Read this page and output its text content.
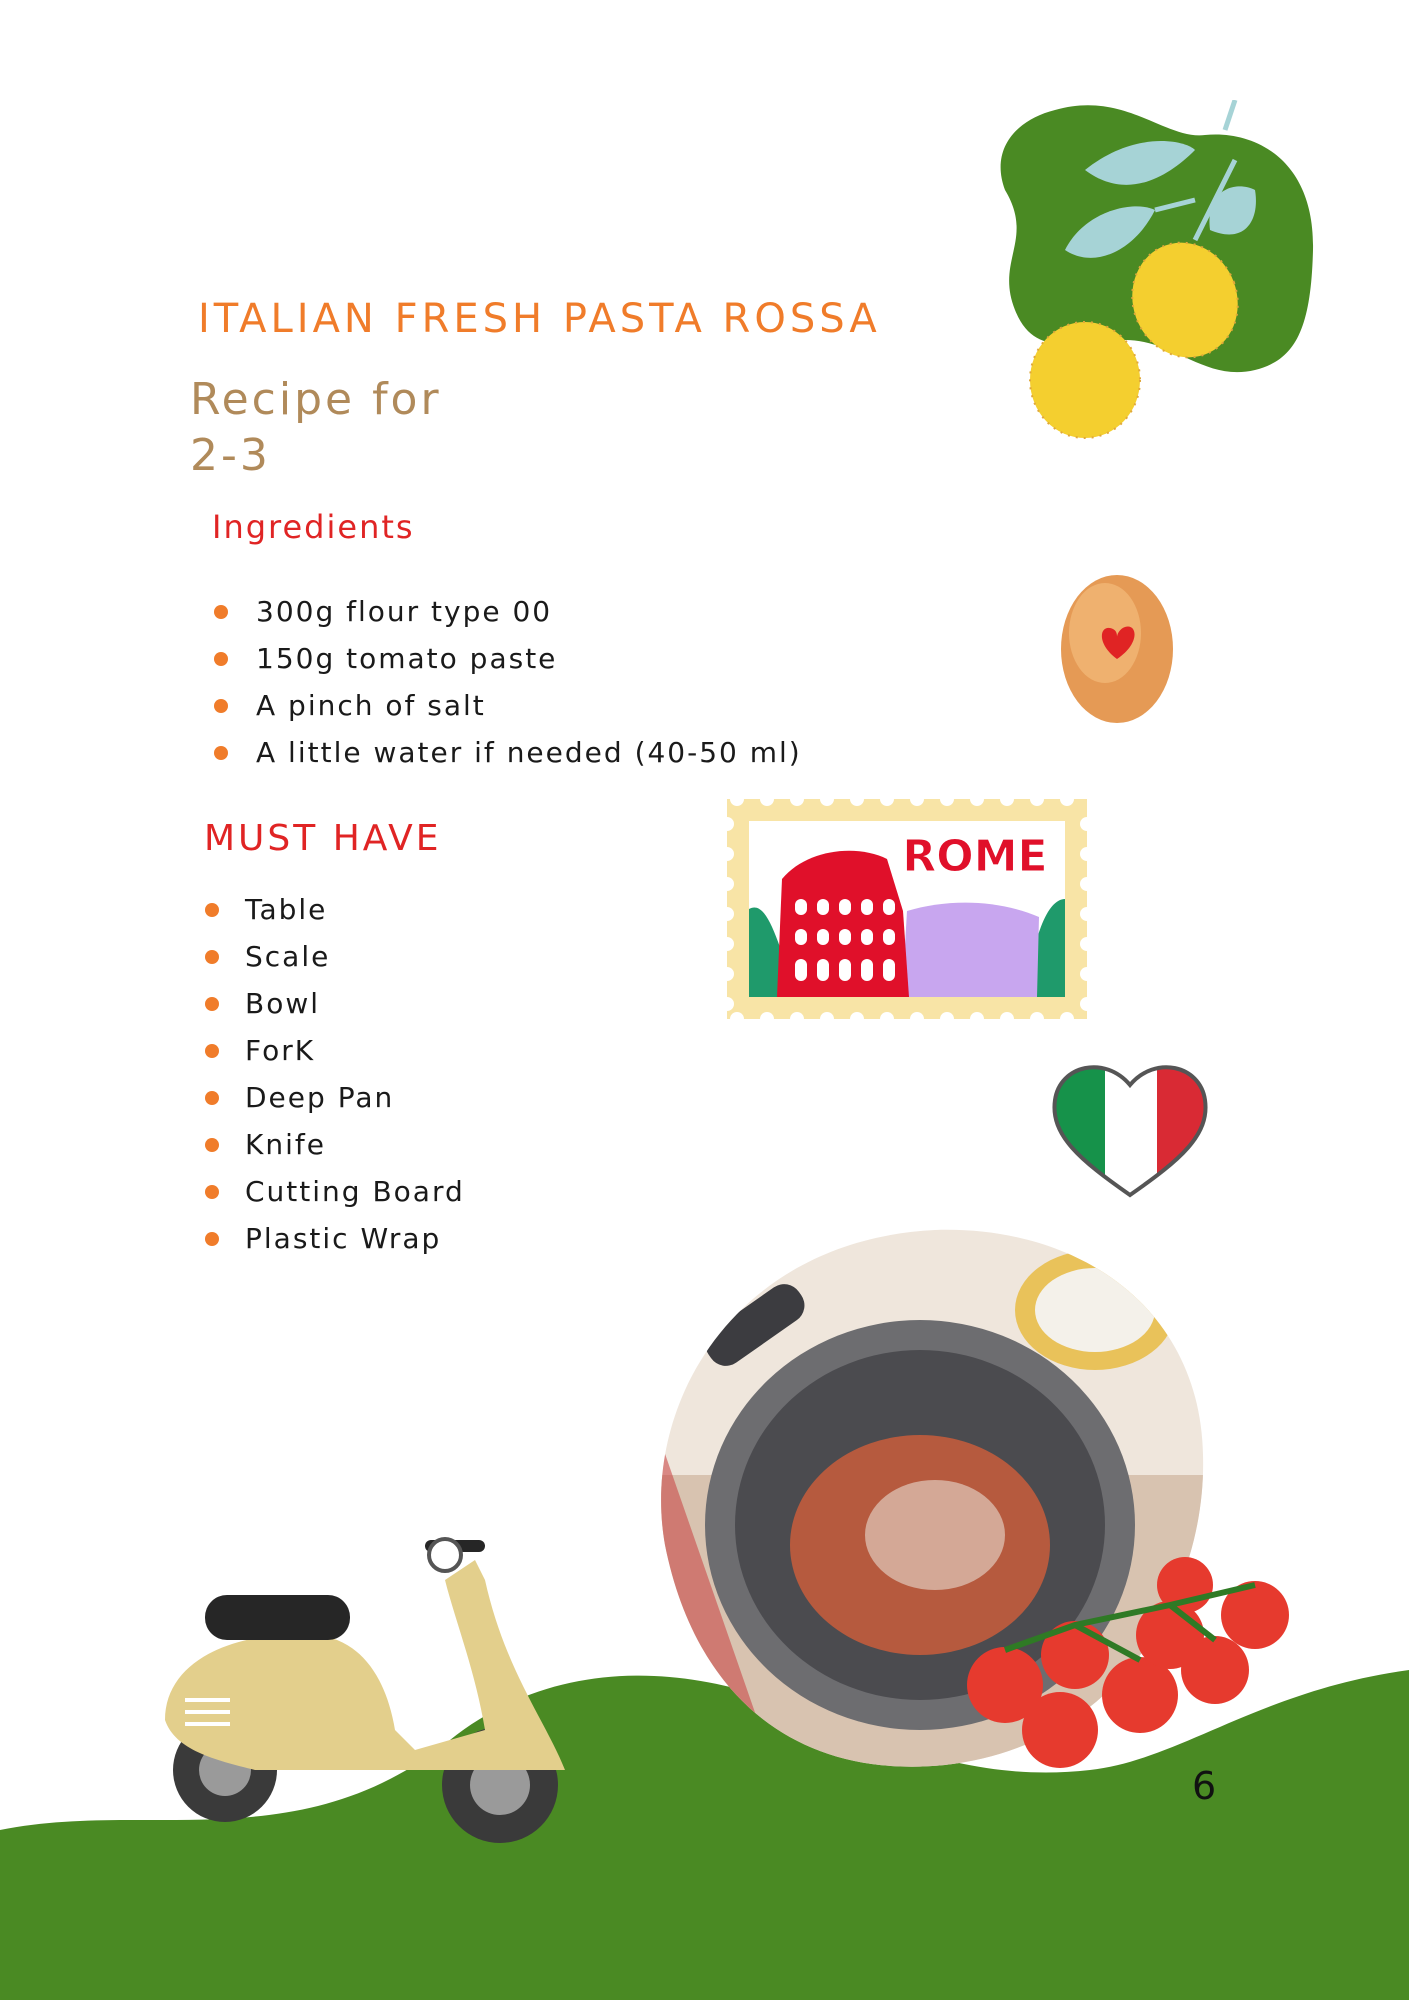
ITALIAN FRESH PASTA ROSSA
Recipe for
2-3
Ingredients
300g flour type 00
150g tomato paste
A pinch of salt
A little water if needed (40-50 ml)
MUST HAVE
Table
Scale
Bowl
ForK
Deep Pan
Knife
Cutting Board
Plastic Wrap
ROME
6
